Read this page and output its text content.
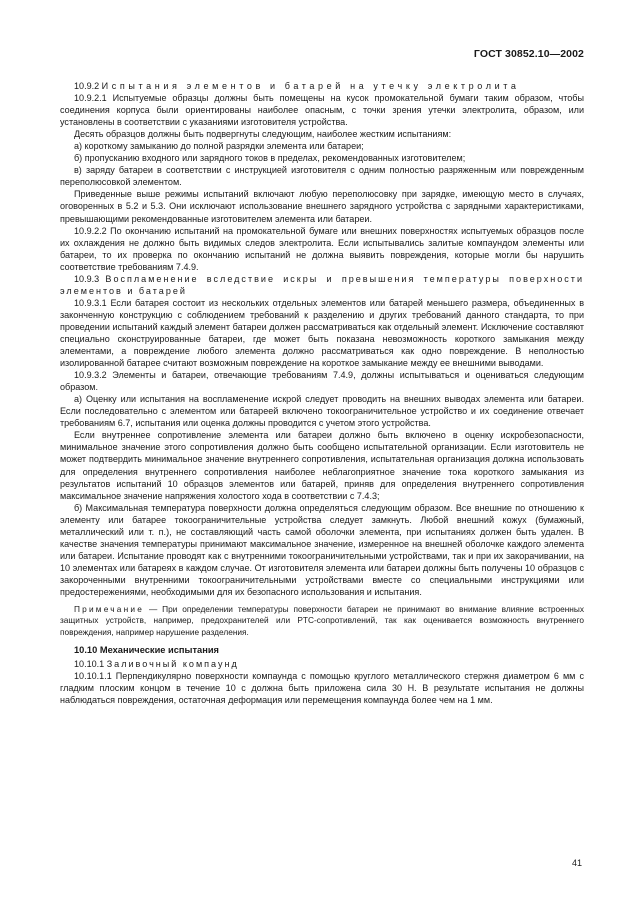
ГОСТ 30852.10—2002

10.9.2 Испытания элементов и батарей на утечку электролита

10.9.2.1 Испытуемые образцы должны быть помещены на кусок промокательной бумаги таким образом, чтобы соединения корпуса были ориентированы наиболее опасным, с точки зрения утечки электролита, образом, или установлены в соответствии с указаниями изготовителя устройства.

Десять образцов должны быть подвергнуты следующим, наиболее жестким испытаниям:

а) короткому замыканию до полной разрядки элемента или батареи;

б) пропусканию входного или зарядного токов в пределах, рекомендованных изготовителем;

в) заряду батареи в соответствии с инструкцией изготовителя с одним полностью разряженным или поврежденным переполюсовкой элементом.

Приведенные выше режимы испытаний включают любую переполюсовку при зарядке, имеющую место в случаях, оговоренных в 5.2 и 5.3. Они исключают использование внешнего зарядного устройства с зарядными характеристиками, превышающими рекомендованные изготовителем элемента или батареи.

10.9.2.2 По окончанию испытаний на промокательной бумаге или внешних поверхностях испытуемых образцов после их охлаждения не должно быть видимых следов электролита. Если испытывались залитые компаундом элементы или батареи, то их проверка по окончанию испытаний не должна выявить повреждения, которые могли бы нарушить соответствие требованиям 7.4.9.

10.9.3 Воспламенение вследствие искры и превышения температуры поверхности элементов и батарей

10.9.3.1 Если батарея состоит из нескольких отдельных элементов или батарей меньшего размера, объединенных в законченную конструкцию с соблюдением требований к разделению и других требований данного стандарта, то при проведении испытаний каждый элемент батареи должен рассматриваться как отдельный элемент. Исключение составляют специально сконструированные батареи, где может быть показана невозможность короткого замыкания между элементами, а повреждение любого элемента должно рассматриваться как одно повреждение. В неполностью изолированной батарее считают возможным повреждение на короткое замыкание между ее внешними выводами.

10.9.3.2 Элементы и батареи, отвечающие требованиям 7.4.9, должны испытываться и оцениваться следующим образом.

а) Оценку или испытания на воспламенение искрой следует проводить на внешних выводах элемента или батареи. Если последовательно с элементом или батареей включено токоограничительное устройство и их соединение отвечает требованиям 6.7, испытания или оценка должны проводится с учетом этого устройства.

Если внутреннее сопротивление элемента или батареи должно быть включено в оценку искробезопасности, минимальное значение этого сопротивления должно быть сообщено испытательной организации. Если изготовитель не может подтвердить минимальное значение внутреннего сопротивления, испытательная организация должна использовать для определения внутреннего сопротивления наиболее неблагоприятное значение тока короткого замыкания из результатов испытаний 10 образцов элементов или батарей, приняв для определения внутреннего сопротивления максимальное значение напряжения холостого хода в соответствии с 7.4.3;

б) Максимальная температура поверхности должна определяться следующим образом. Все внешние по отношению к элементу или батарее токоограничительные устройства следует замкнуть. Любой внешний кожух (бумажный, металлический или т. п.), не составляющий часть самой оболочки элемента, при испытаниях должен быть удален. В качестве значения температуры принимают максимальное значение, измеренное на внешней оболочке каждого элемента или батареи. Испытание проводят как с внутренними токоограничительными устройствами, так и при их закорачивании, на 10 элементах или батареях в каждом случае. От изготовителя элемента или батареи должны быть получены 10 образцов с закороченными внутренними токоограничительными устройствами вместе со специальными инструкциями или предостережениями, необходимыми для их безопасного использования и испытания.

Примечание — При определении температуры поверхности батареи не принимают во внимание влияние встроенных защитных устройств, например, предохранителей или PTC-сопротивлений, так как оценивается возможность внутреннего повреждения, например нарушение разделения.

10.10 Механические испытания

10.10.1 Заливочный компаунд

10.10.1.1 Перпендикулярно поверхности компаунда с помощью круглого металлического стержня диаметром 6 мм с гладким плоским концом в течение 10 с должна быть приложена сила 30 Н. В результате испытания не должны наблюдаться повреждения, остаточная деформация или перемещения компаунда более чем на 1 мм.

41
